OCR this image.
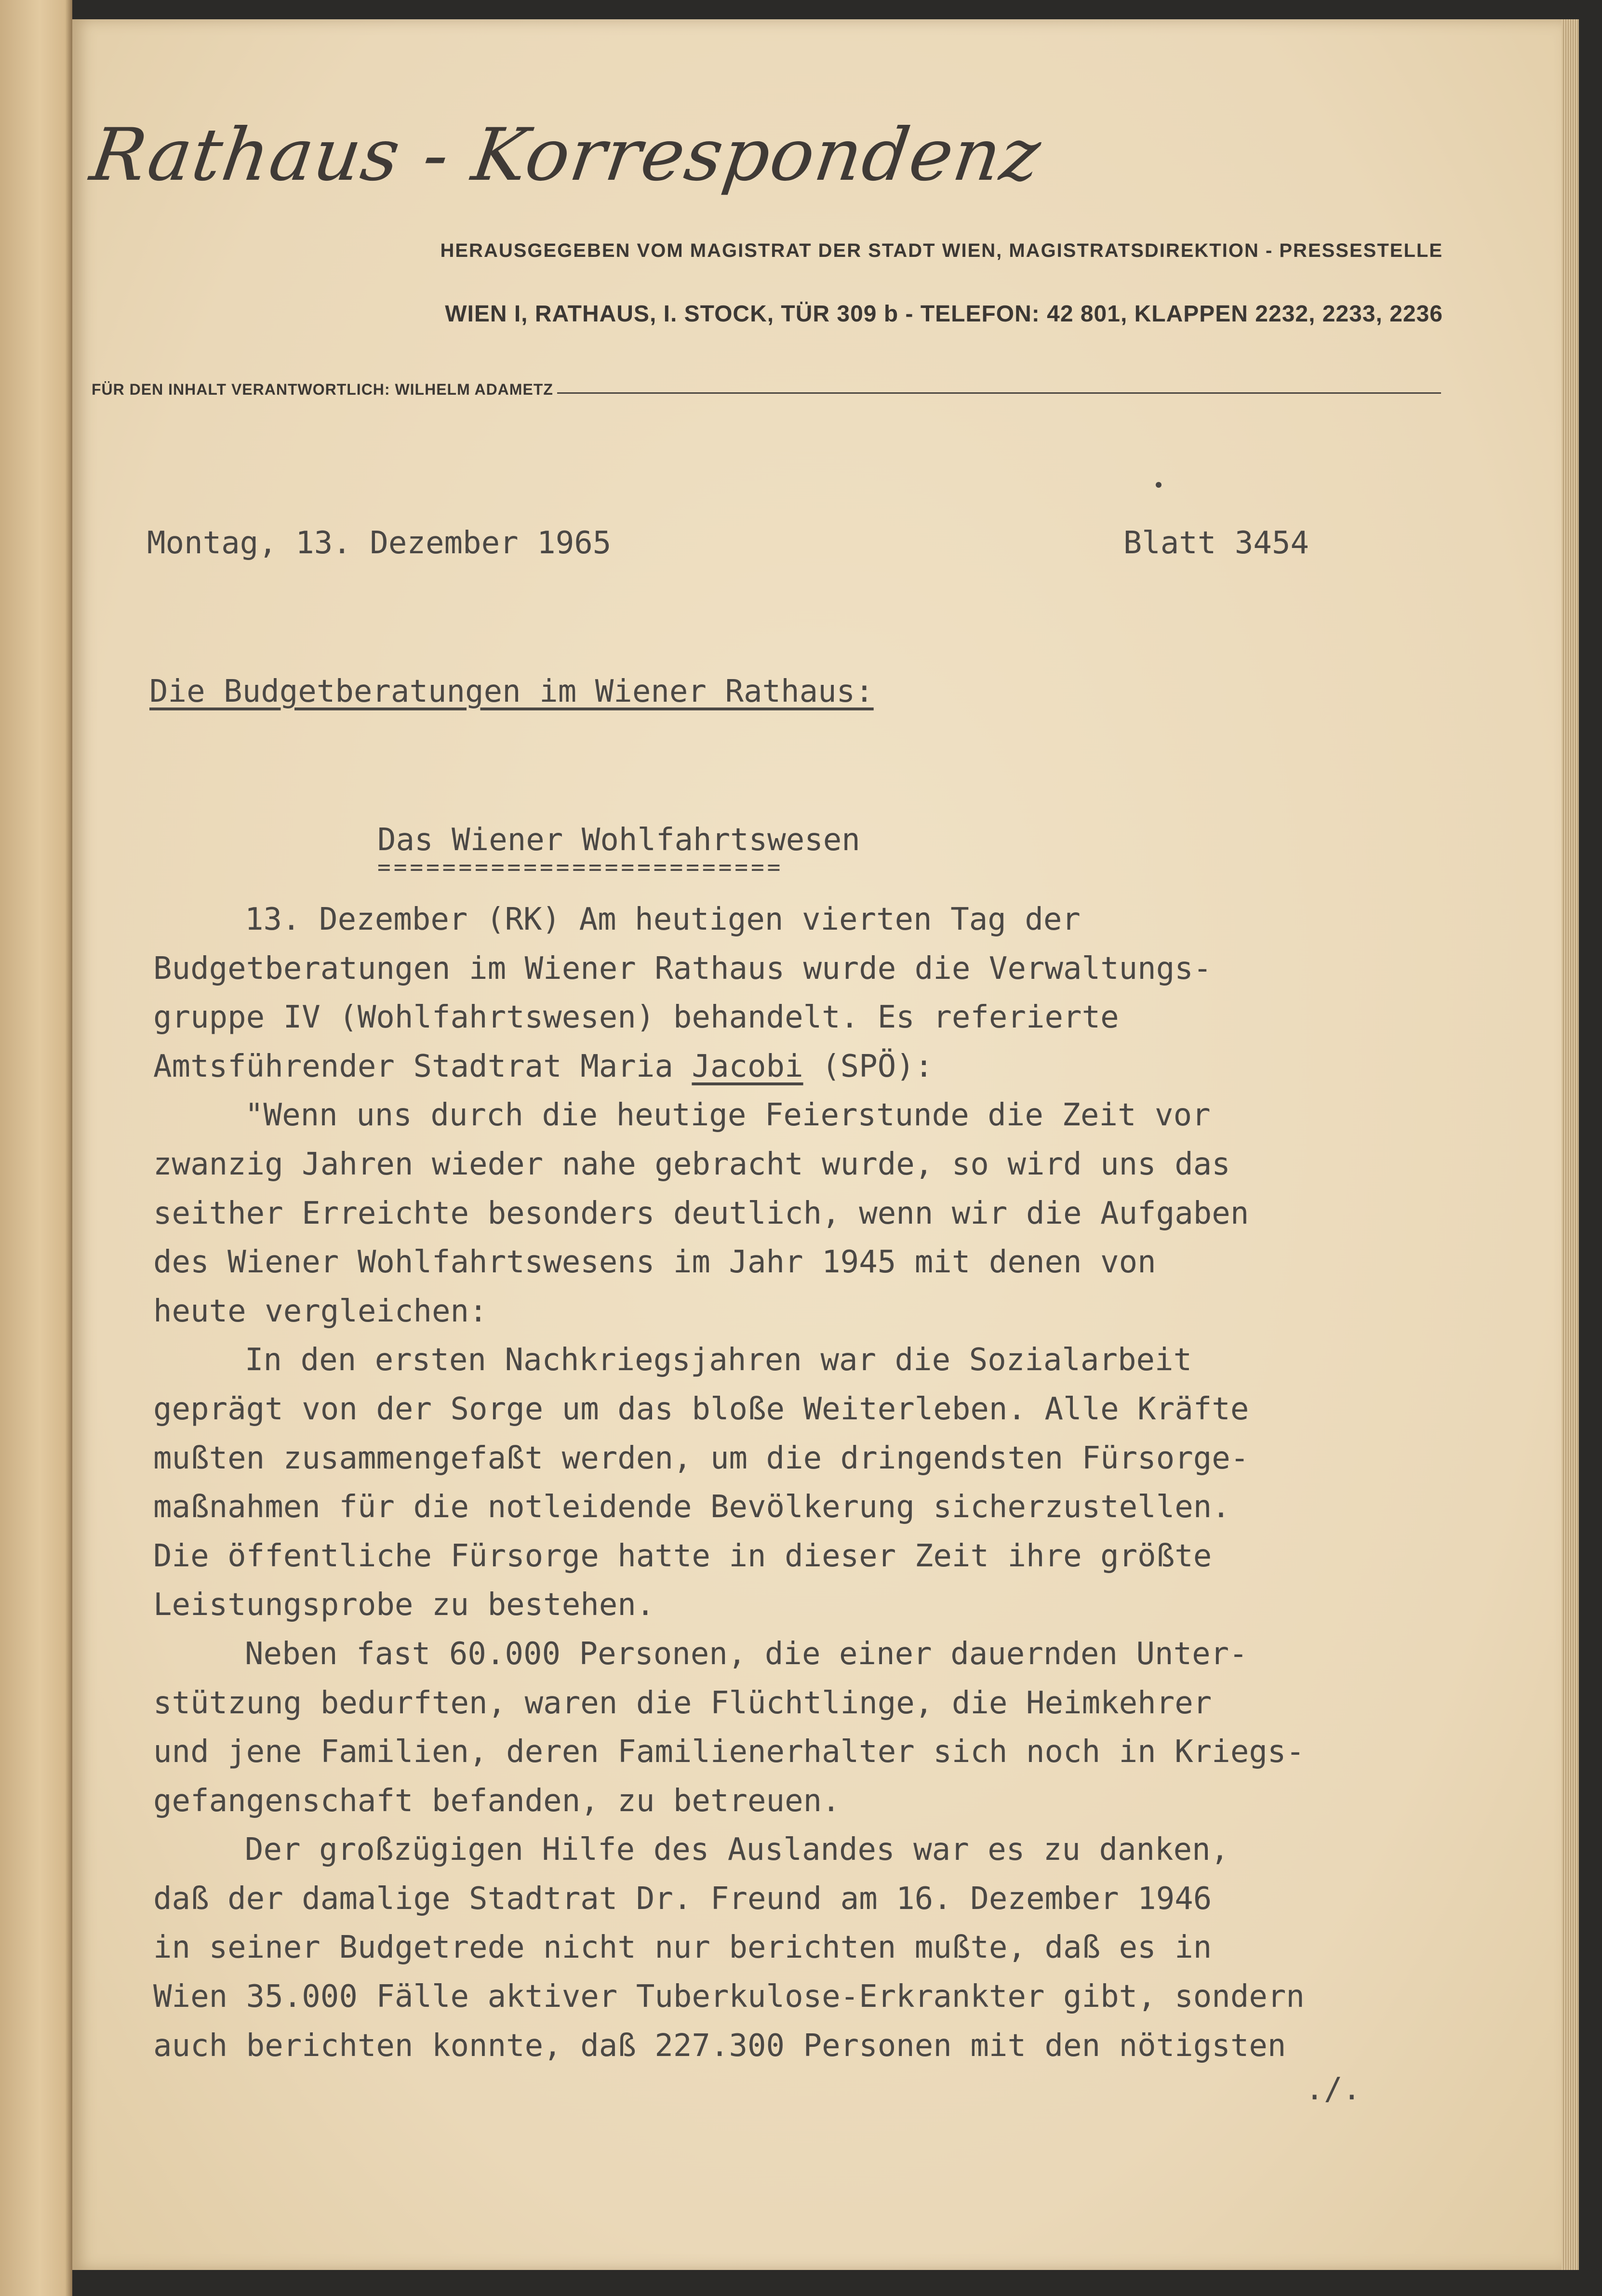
Rathaus - Korrespondenz
HERAUSGEGEBEN VOM MAGISTRAT DER STADT WIEN, MAGISTRATSDIREKTION - PRESSESTELLE
WIEN I, RATHAUS, I. STOCK, TÜR 309 b - TELEFON: 42 801, KLAPPEN 2232, 2233, 2236
FÜR DEN INHALT VERANTWORTLICH: WILHELM ADAMETZ
Montag, 13. Dezember 1965	Blatt 3454
Die Budgetberatungen im Wiener Rathaus:
Das Wiener Wohlfahrtswesen
=========================
13. Dezember (RK) Am heutigen vierten Tag der
Budgetberatungen im Wiener Rathaus wurde die Verwaltungs-
gruppe IV (Wohlfahrtswesen) behandelt. Es referierte
Amtsführender Stadtrat Maria Jacobi (SPÖ):
"Wenn uns durch die heutige Feierstunde die Zeit vor
zwanzig Jahren wieder nahe gebracht wurde, so wird uns das
seither Erreichte besonders deutlich, wenn wir die Aufgaben
des Wiener Wohlfahrtswesens im Jahr 1945 mit denen von
heute vergleichen:
In den ersten Nachkriegsjahren war die Sozialarbeit
geprägt von der Sorge um das bloße Weiterleben. Alle Kräfte
mußten zusammengefaßt werden, um die dringendsten Fürsorge-
maßnahmen für die notleidende Bevölkerung sicherzustellen.
Die öffentliche Fürsorge hatte in dieser Zeit ihre größte
Leistungsprobe zu bestehen.
Neben fast 60.000 Personen, die einer dauernden Unter-
stützung bedurften, waren die Flüchtlinge, die Heimkehrer
und jene Familien, deren Familienerhalter sich noch in Kriegs-
gefangenschaft befanden, zu betreuen.
Der großzügigen Hilfe des Auslandes war es zu danken,
daß der damalige Stadtrat Dr. Freund am 16. Dezember 1946
in seiner Budgetrede nicht nur berichten mußte, daß es in
Wien 35.000 Fälle aktiver Tuberkulose-Erkrankter gibt, sondern
auch berichten konnte, daß 227.300 Personen mit den nötigsten
./.
